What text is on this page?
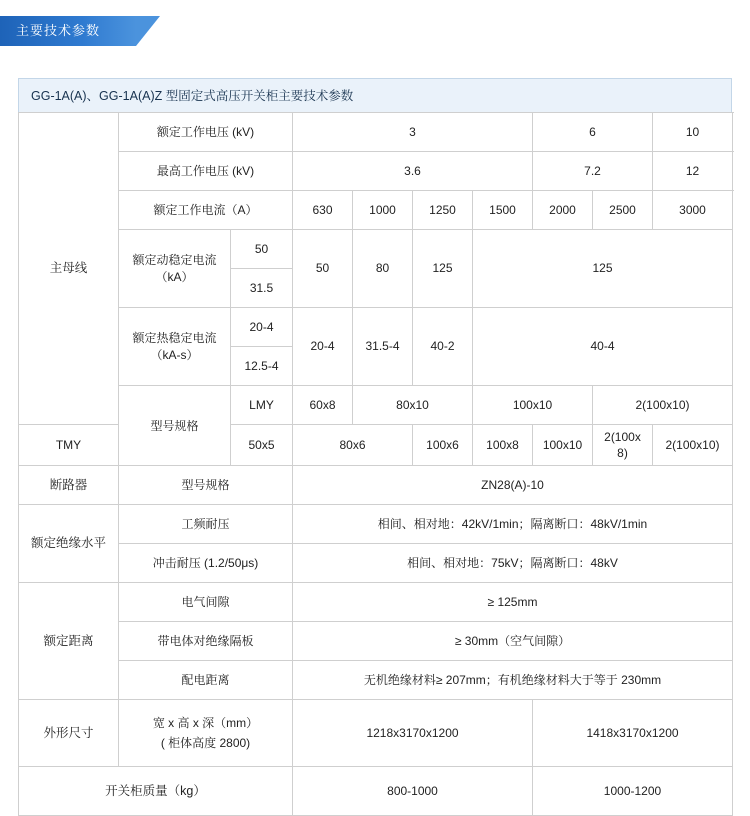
主要技术参数
GG-1A(A)、GG-1A(A)Z 型固定式高压开关柜主要技术参数
主母线	额定工作电压 (kV)		3				6		10
	最高工作电压 (kV)		3.6				7.2		12
	额定工作电流（A）		630	1000	1250	1500	2000	2500	3000
	额定动稳定电流（kA）	50	50	80	125	125			
		31.5							
	额定热稳定电流（kA-s）	20-4	20-4	31.5-4	40-2	40-4			
		12.5-4							
	型号规格	LMY	60x8	80x10		100x10		2(100x10)	
TMY		50x5	80x6		100x6	100x8	100x10	2(100x8)	2(100x10)
断路器	型号规格		ZN28(A)-10						
额定绝缘水平	工频耐压		相间、相对地：42kV/1min；隔离断口：48kV/1min						
	冲击耐压 (1.2/50μs)		相间、相对地：75kV；隔离断口：48kV						
额定距离	电气间隙		≥ 125mm						
	带电体对绝缘隔板		≥ 30mm（空气间隙）						
	配电距离		无机绝缘材料≥ 207mm；有机绝缘材料大于等于 230mm						
外形尺寸	宽 x 高 x 深（mm）
( 柜体高度 2800)		1218x3170x1200				1418x3170x1200		
开关柜质量（kg）			800-1000				1000-1200		
